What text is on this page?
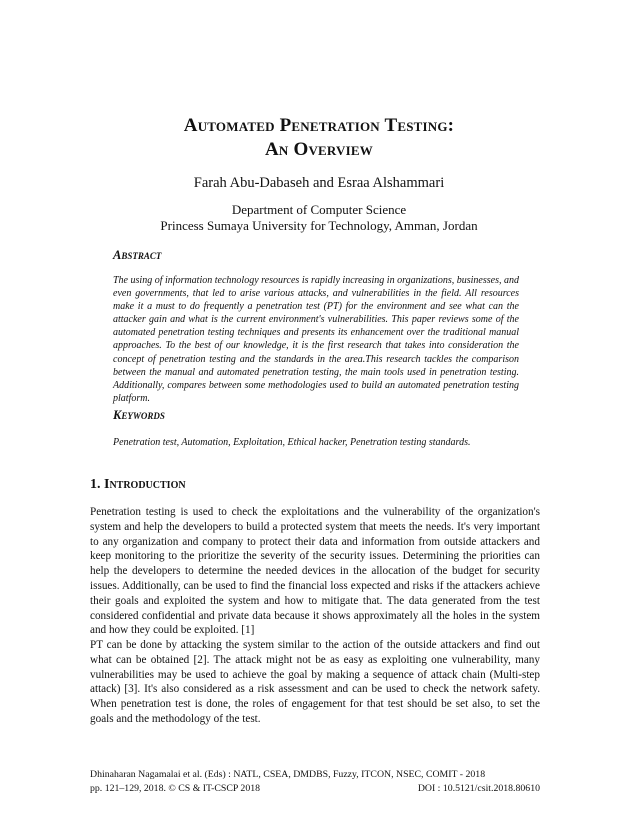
Automated Penetration Testing:
An Overview
Farah Abu-Dabaseh and Esraa Alshammari
Department of Computer Science
Princess Sumaya University for Technology, Amman, Jordan
Abstract
The using of information technology resources is rapidly increasing in organizations, businesses, and even governments, that led to arise various attacks, and vulnerabilities in the field. All resources make it a must to do frequently a penetration test (PT) for the environment and see what can the attacker gain and what is the current environment's vulnerabilities. This paper reviews some of the automated penetration testing techniques and presents its enhancement over the traditional manual approaches. To the best of our knowledge, it is the first research that takes into consideration the concept of penetration testing and the standards in the area.This research tackles the comparison between the manual and automated penetration testing, the main tools used in penetration testing. Additionally, compares between some methodologies used to build an automated penetration testing platform.
Keywords
Penetration test, Automation, Exploitation, Ethical hacker, Penetration testing standards.
1. Introduction
Penetration testing is used to check the exploitations and the vulnerability of the organization's system and help the developers to build a protected system that meets the needs. It's very important to any organization and company to protect their data and information from outside attackers and keep monitoring to the prioritize the severity of the security issues. Determining the priorities can help the developers to determine the needed devices in the allocation of the budget for security issues. Additionally, can be used to find the financial loss expected and risks if the attackers achieve their goals and exploited the system and how to mitigate that. The data generated from the test considered confidential and private data because it shows approximately all the holes in the system and how they could be exploited. [1]
PT can be done by attacking the system similar to the action of the outside attackers and find out what can be obtained [2]. The attack might not be as easy as exploiting one vulnerability, many vulnerabilities may be used to achieve the goal by making a sequence of attack chain (Multi-step attack) [3]. It's also considered as a risk assessment and can be used to check the network safety. When penetration test is done, the roles of engagement for that test should be set also, to set the goals and the methodology of the test.
Dhinaharan Nagamalai et al. (Eds) : NATL, CSEA, DMDBS, Fuzzy, ITCON, NSEC, COMIT - 2018
pp. 121–129, 2018. © CS & IT-CSCP 2018	DOI : 10.5121/csit.2018.80610
